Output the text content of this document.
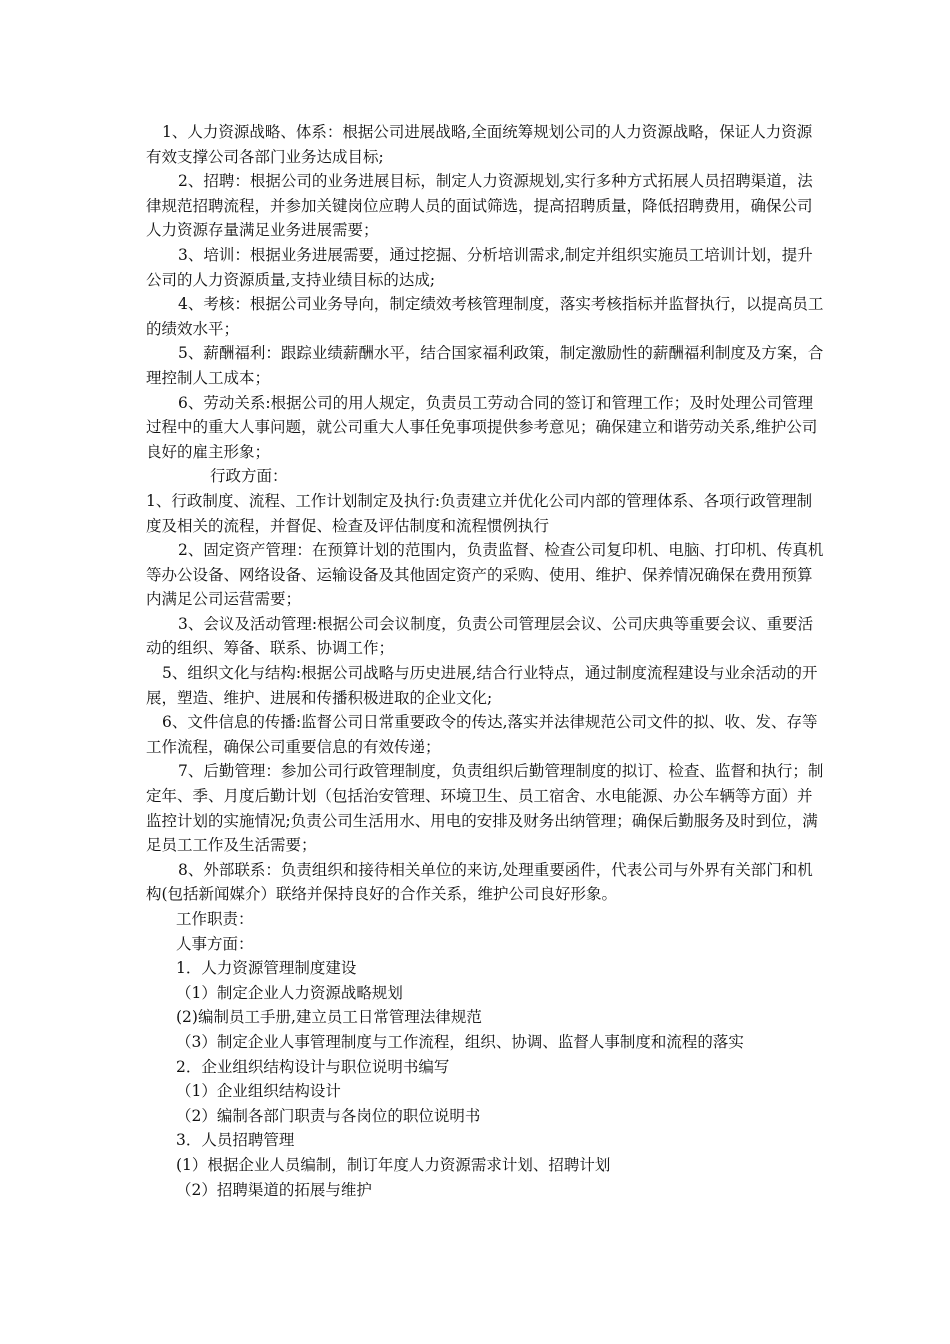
1、人力资源战略、体系：根据公司进展战略,全面统筹规划公司的人力资源战略，保证人力资源有效支撑公司各部门业务达成目标;

2、招聘：根据公司的业务进展目标，制定人力资源规划,实行多种方式拓展人员招聘渠道，法律规范招聘流程，并参加关键岗位应聘人员的面试筛选，提高招聘质量，降低招聘费用，确保公司人力资源存量满足业务进展需要；

3、培训：根据业务进展需要，通过挖掘、分析培训需求,制定并组织实施员工培训计划，提升公司的人力资源质量,支持业绩目标的达成;

4、考核：根据公司业务导向，制定绩效考核管理制度，落实考核指标并监督执行，以提高员工的绩效水平；

5、薪酬福利：跟踪业绩薪酬水平，结合国家福利政策，制定激励性的薪酬福利制度及方案，合理控制人工成本；

6、劳动关系:根据公司的用人规定，负责员工劳动合同的签订和管理工作；及时处理公司管理过程中的重大人事问题，就公司重大人事任免事项提供参考意见；确保建立和谐劳动关系,维护公司良好的雇主形象；

行政方面：

1、行政制度、流程、工作计划制定及执行:负责建立并优化公司内部的管理体系、各项行政管理制度及相关的流程，并督促、检查及评估制度和流程惯例执行

2、固定资产管理：在预算计划的范围内，负责监督、检查公司复印机、电脑、打印机、传真机等办公设备、网络设备、运输设备及其他固定资产的采购、使用、维护、保养情况确保在费用预算内满足公司运营需要；

3、会议及活动管理:根据公司会议制度，负责公司管理层会议、公司庆典等重要会议、重要活动的组织、筹备、联系、协调工作；

5、组织文化与结构:根据公司战略与历史进展,结合行业特点，通过制度流程建设与业余活动的开展，塑造、维护、进展和传播积极进取的企业文化;

6、文件信息的传播:监督公司日常重要政令的传达,落实并法律规范公司文件的拟、收、发、存等工作流程，确保公司重要信息的有效传递；

7、后勤管理：参加公司行政管理制度，负责组织后勤管理制度的拟订、检查、监督和执行；制定年、季、月度后勤计划（包括治安管理、环境卫生、员工宿舍、水电能源、办公车辆等方面）并监控计划的实施情况;负责公司生活用水、用电的安排及财务出纳管理；确保后勤服务及时到位，满足员工工作及生活需要；

8、外部联系：负责组织和接待相关单位的来访,处理重要函件，代表公司与外界有关部门和机构(包括新闻媒介）联络并保持良好的合作关系，维护公司良好形象。

工作职责：

人事方面：

1．人力资源管理制度建设

（1）制定企业人力资源战略规划

(2)编制员工手册,建立员工日常管理法律规范

（3）制定企业人事管理制度与工作流程，组织、协调、监督人事制度和流程的落实

2．企业组织结构设计与职位说明书编写

（1）企业组织结构设计

（2）编制各部门职责与各岗位的职位说明书

3．人员招聘管理

(1）根据企业人员编制，制订年度人力资源需求计划、招聘计划

（2）招聘渠道的拓展与维护
